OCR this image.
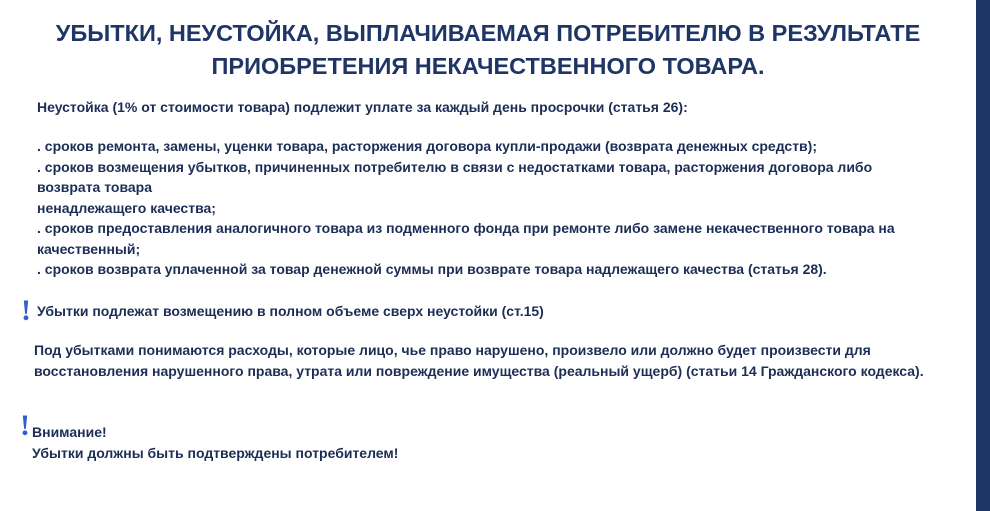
УБЫТКИ, НЕУСТОЙКА, ВЫПЛАЧИВАЕМАЯ ПОТРЕБИТЕЛЮ В РЕЗУЛЬТАТЕ
ПРИОБРЕТЕНИЯ НЕКАЧЕСТВЕННОГО ТОВАРА.
Неустойка (1% от стоимости товара) подлежит уплате за каждый день просрочки (статья 26):
. сроков ремонта, замены, уценки товара, расторжения договора купли-продажи (возврата денежных средств);
. сроков возмещения убытков, причиненных потребителю в связи с недостатками товара, расторжения договора либо
возврата товара
ненадлежащего качества;
. сроков предоставления аналогичного товара из подменного фонда при ремонте либо замене некачественного товара на
качественный;
. сроков возврата уплаченной за товар денежной суммы при возврате товара надлежащего качества (статья 28).
! Убытки подлежат возмещению в полном объеме сверх неустойки (ст.15)
Под убытками понимаются расходы, которые лицо, чье право нарушено, произвело или должно будет произвести для восстановления нарушенного права, утрата или повреждение имущества (реальный ущерб) (статьи 14 Гражданского кодекса).
! Внимание!
Убытки должны быть подтверждены потребителем!
